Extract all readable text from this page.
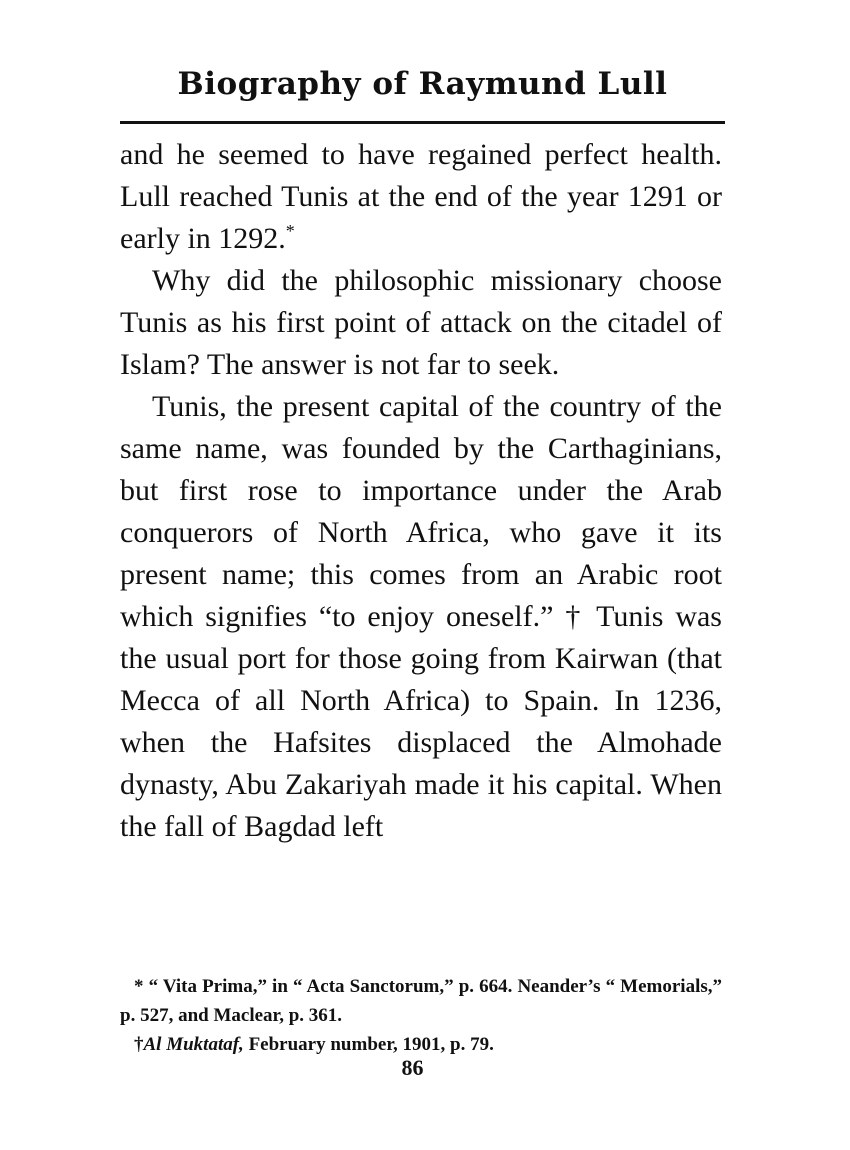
Biography of Raymund Lull

and he seemed to have regained perfect health. Lull reached Tunis at the end of the year 1291 or early in 1292.*

Why did the philosophic missionary choose Tunis as his first point of attack on the citadel of Islam? The answer is not far to seek.

Tunis, the present capital of the country of the same name, was founded by the Carthaginians, but first rose to importance under the Arab conquerors of North Africa, who gave it its present name; this comes from an Arabic root which signifies “to enjoy oneself.” † Tunis was the usual port for those going from Kairwan (that Mecca of all North Africa) to Spain. In 1236, when the Hafsites displaced the Almohade dynasty, Abu Zakariyah made it his capital. When the fall of Bagdad left

* “ Vita Prima,” in “ Acta Sanctorum,” p. 664. Neander’s “ Memorials,” p. 527, and Maclear, p. 361.

†Al Muktataf, February number, 1901, p. 79.

86
